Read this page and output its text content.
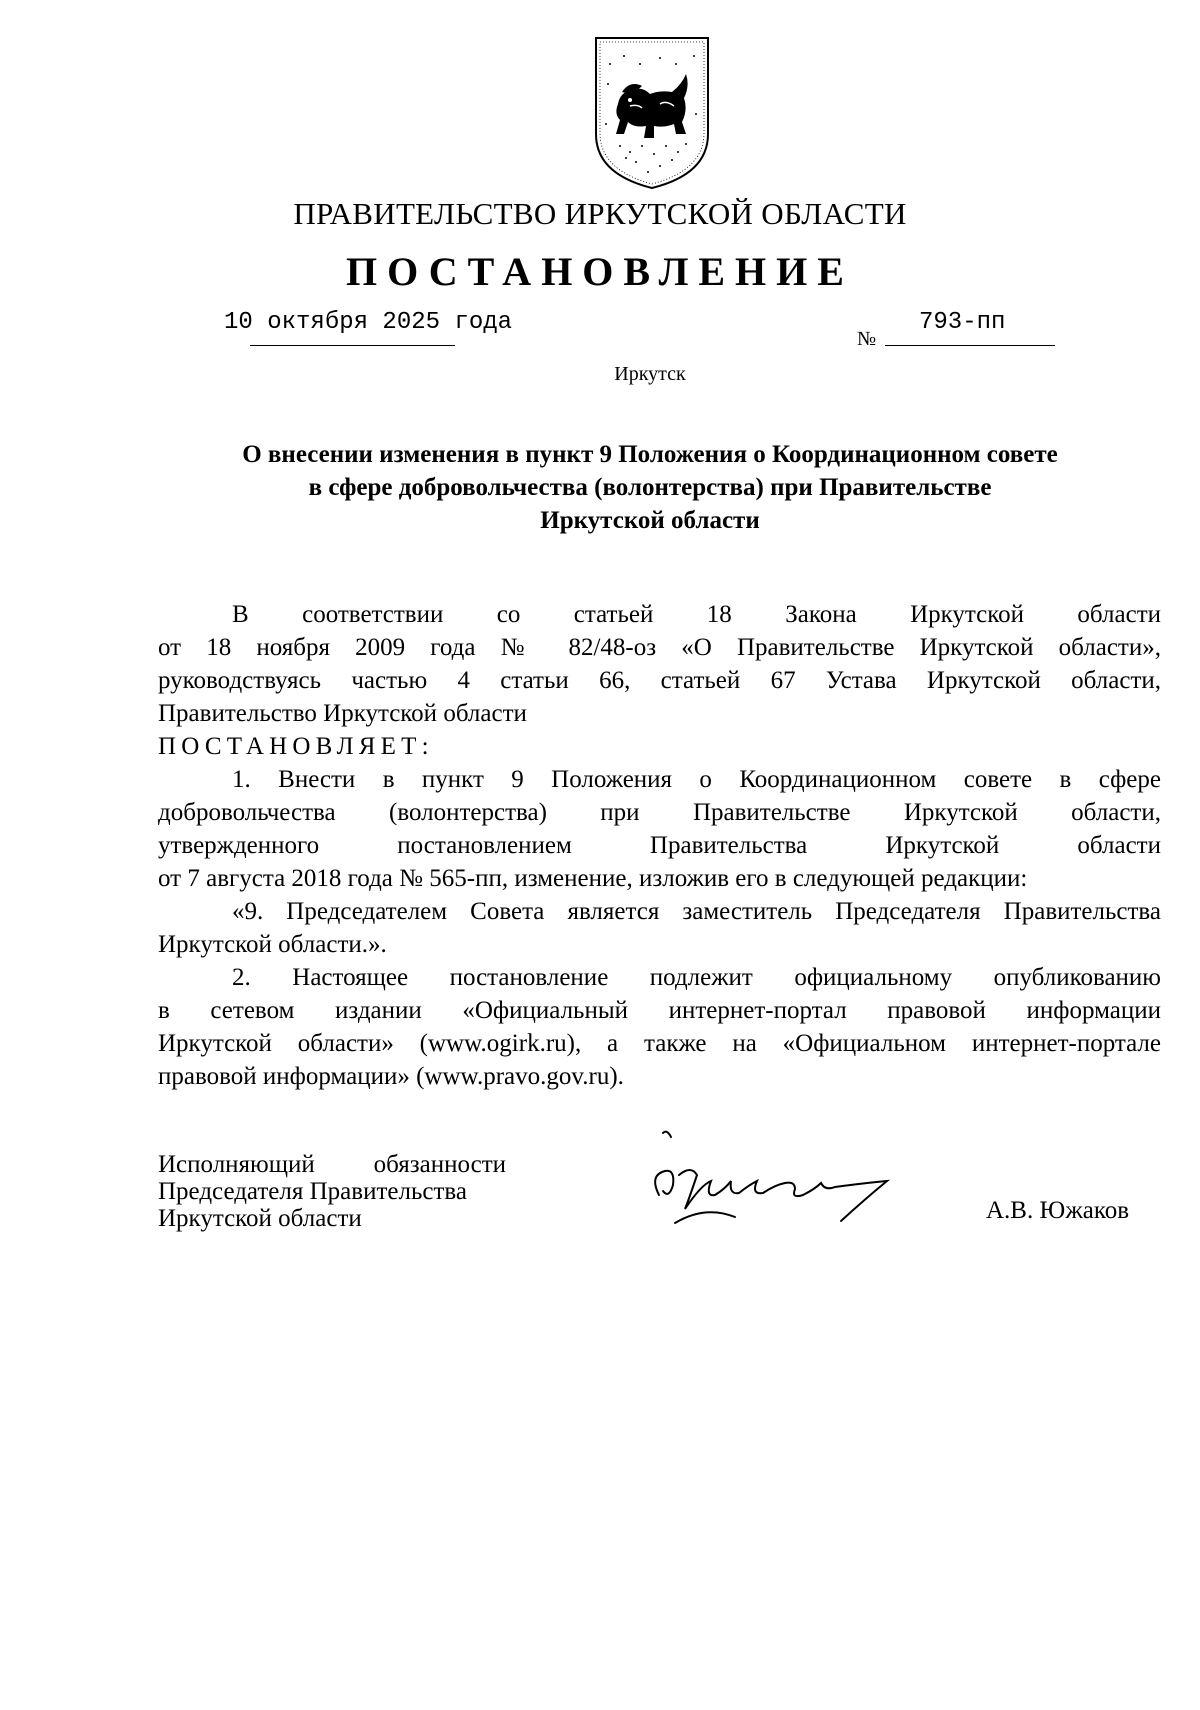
ПРАВИТЕЛЬСТВО ИРКУТСКОЙ ОБЛАСТИ
ПОСТАНОВЛЕНИЕ
10 октября 2025 года
№
793-пп
Иркутск
О внесении изменения в пункт 9 Положения о Координационном совете
в сфере добровольчества (волонтерства) при Правительстве
Иркутской области
В соответствии со статьей 18 Закона Иркутской области
от 18 ноября 2009 года № 82/48-оз «О Правительстве Иркутской области»,
руководствуясь частью 4 статьи 66, статьей 67 Устава Иркутской области,
Правительство Иркутской области
ПОСТАНОВЛЯЕТ:
1. Внести в пункт 9 Положения о Координационном совете в сфере
добровольчества (волонтерства) при Правительстве Иркутской области,
утвержденного постановлением Правительства Иркутской области
от 7 августа 2018 года № 565-пп, изменение, изложив его в следующей редакции:
«9. Председателем Совета является заместитель Председателя Правительства
Иркутской области.».
2. Настоящее постановление подлежит официальному опубликованию
в сетевом издании «Официальный интернет-портал правовой информации
Иркутской области» (www.ogirk.ru), а также на «Официальном интернет-портале
правовой информации» (www.pravo.gov.ru).
Исполняющий обязанности
Председателя Правительства
Иркутской области	А.В. Южаков
